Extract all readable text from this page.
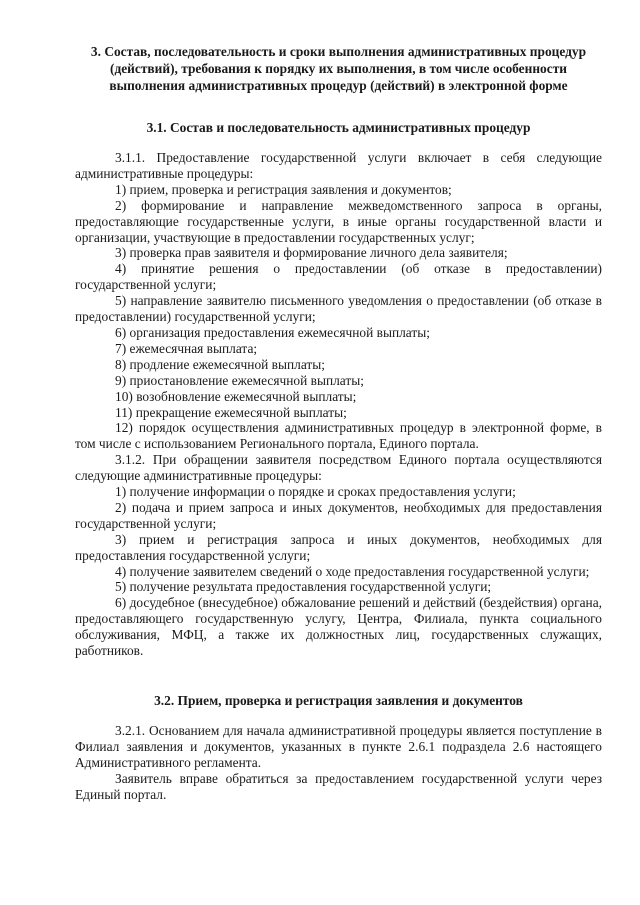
3. Состав, последовательность и сроки выполнения административных процедур (действий), требования к порядку их выполнения, в том числе особенности выполнения административных процедур (действий) в электронной форме
3.1. Состав и последовательность административных процедур

3.1.1. Предоставление государственной услуги включает в себя следующие административные процедуры:

1) прием, проверка и регистрация заявления и документов;

2) формирование и направление межведомственного запроса в органы, предоставляющие государственные услуги, в иные органы государственной власти и организации, участвующие в предоставлении государственных услуг;

3) проверка прав заявителя и формирование личного дела заявителя;

4) принятие решения о предоставлении (об отказе в предоставлении) государственной услуги;

5) направление заявителю письменного уведомления о предоставлении (об отказе в предоставлении) государственной услуги;

6) организация предоставления ежемесячной выплаты;

7) ежемесячная выплата;

8) продление ежемесячной выплаты;

9) приостановление ежемесячной выплаты;

10) возобновление ежемесячной выплаты;

11) прекращение ежемесячной выплаты;

12) порядок осуществления административных процедур в электронной форме, в том числе с использованием Регионального портала, Единого портала.

3.1.2. При обращении заявителя посредством Единого портала осуществляются следующие административные процедуры:

1) получение информации о порядке и сроках предоставления услуги;

2) подача и прием запроса и иных документов, необходимых для предоставления государственной услуги;

3) прием и регистрация запроса и иных документов, необходимых для предоставления государственной услуги;

4) получение заявителем сведений о ходе предоставления государственной услуги;

5) получение результата предоставления государственной услуги;

6) досудебное (внесудебное) обжалование решений и действий (бездействия) органа, предоставляющего государственную услугу, Центра, Филиала, пункта социального обслуживания, МФЦ, а также их должностных лиц, государственных служащих, работников.

3.2. Прием, проверка и регистрация заявления и документов

3.2.1. Основанием для начала административной процедуры является поступление в Филиал заявления и документов, указанных в пункте 2.6.1 подраздела 2.6 настоящего Административного регламента.

Заявитель вправе обратиться за предоставлением государственной услуги через Единый портал.
